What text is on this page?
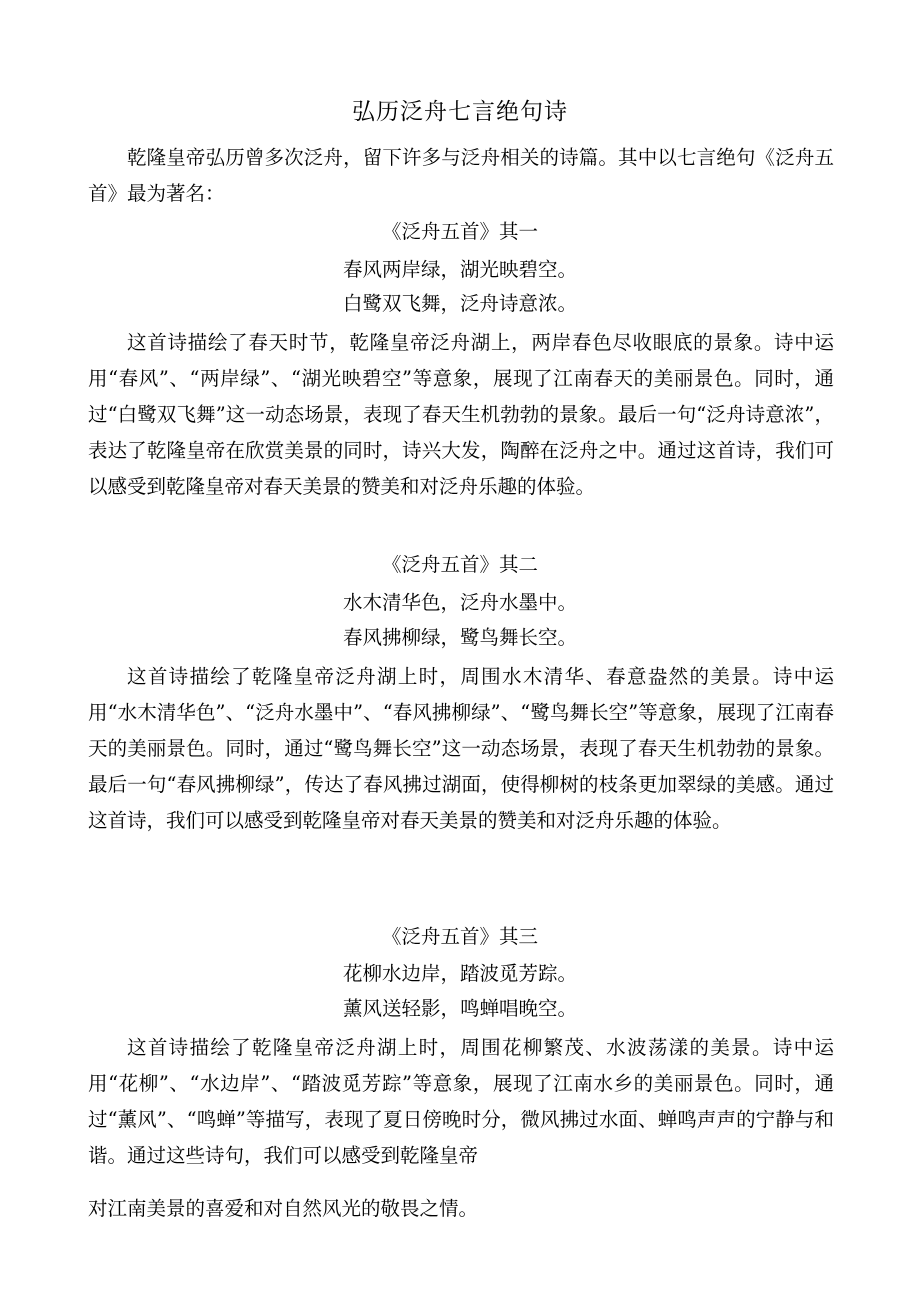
弘历泛舟七言绝句诗

乾隆皇帝弘历曾多次泛舟，留下许多与泛舟相关的诗篇。其中以七言绝句《泛舟五首》最为著名：

《泛舟五首》其一
春风两岸绿，湖光映碧空。
白鹭双飞舞，泛舟诗意浓。

这首诗描绘了春天时节，乾隆皇帝泛舟湖上，两岸春色尽收眼底的景象。诗中运用“春风”、“两岸绿”、“湖光映碧空”等意象，展现了江南春天的美丽景色。同时，通过“白鹭双飞舞”这一动态场景，表现了春天生机勃勃的景象。最后一句“泛舟诗意浓”，表达了乾隆皇帝在欣赏美景的同时，诗兴大发，陶醉在泛舟之中。通过这首诗，我们可以感受到乾隆皇帝对春天美景的赞美和对泛舟乐趣的体验。

《泛舟五首》其二
水木清华色，泛舟水墨中。
春风拂柳绿，鹭鸟舞长空。

这首诗描绘了乾隆皇帝泛舟湖上时，周围水木清华、春意盎然的美景。诗中运用“水木清华色”、“泛舟水墨中”、“春风拂柳绿”、“鹭鸟舞长空”等意象，展现了江南春天的美丽景色。同时，通过“鹭鸟舞长空”这一动态场景，表现了春天生机勃勃的景象。最后一句“春风拂柳绿”，传达了春风拂过湖面，使得柳树的枝条更加翠绿的美感。通过这首诗，我们可以感受到乾隆皇帝对春天美景的赞美和对泛舟乐趣的体验。

《泛舟五首》其三
花柳水边岸，踏波觅芳踪。
薰风送轻影，鸣蝉唱晚空。

这首诗描绘了乾隆皇帝泛舟湖上时，周围花柳繁茂、水波荡漾的美景。诗中运用“花柳”、“水边岸”、“踏波觅芳踪”等意象，展现了江南水乡的美丽景色。同时，通过“薰风”、“鸣蝉”等描写，表现了夏日傍晚时分，微风拂过水面、蝉鸣声声的宁静与和谐。通过这些诗句，我们可以感受到乾隆皇帝

对江南美景的喜爱和对自然风光的敬畏之情。
